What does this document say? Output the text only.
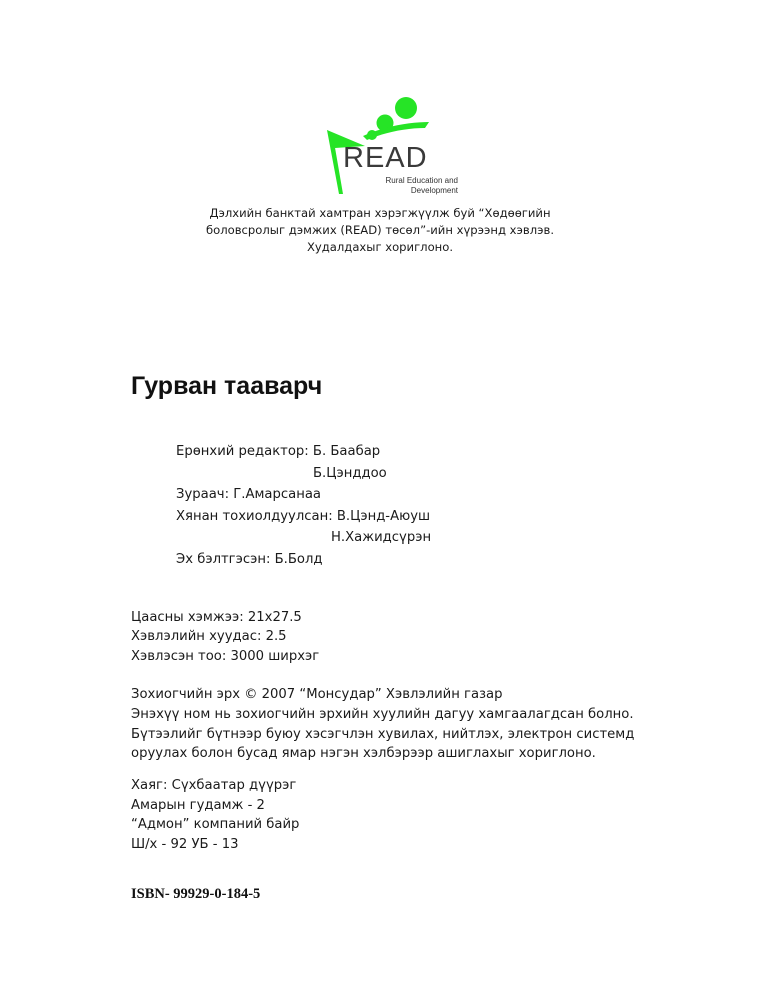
READ
Rural Education and
Development
Дэлхийн банктай хамтран хэрэгжүүлж буй “Хөдөөгийн
боловсролыг дэмжих (READ) төсөл”-ийн хүрээнд хэвлэв.
Худалдахыг хориглоно.
Гурван тааварч
Ерөнхий редактор: Б. Баабар
Б.Цэнддоо
Зураач: Г.Амарсанаа
Хянан тохиолдуулсан: В.Цэнд-Аюуш
Н.Хажидсүрэн
Эх бэлтгэсэн: Б.Болд
Цаасны хэмжээ: 21x27.5
Хэвлэлийн хуудас: 2.5
Хэвлэсэн тоо: 3000 ширхэг
Зохиогчийн эрх © 2007 “Монсудар” Хэвлэлийн газар
Энэхүү ном нь зохиогчийн эрхийн хуулийн дагуу хамгаалагдсан болно.
Бүтээлийг бүтнээр буюу хэсэгчлэн хувилах, нийтлэх, электрон системд
оруулах болон бусад ямар нэгэн хэлбэрээр ашиглахыг хориглоно.
Хаяг: Сүхбаатар дүүрэг
Амарын гудамж - 2
“Адмон” компаний байр
Ш/х - 92 УБ - 13
ISBN- 99929-0-184-5
